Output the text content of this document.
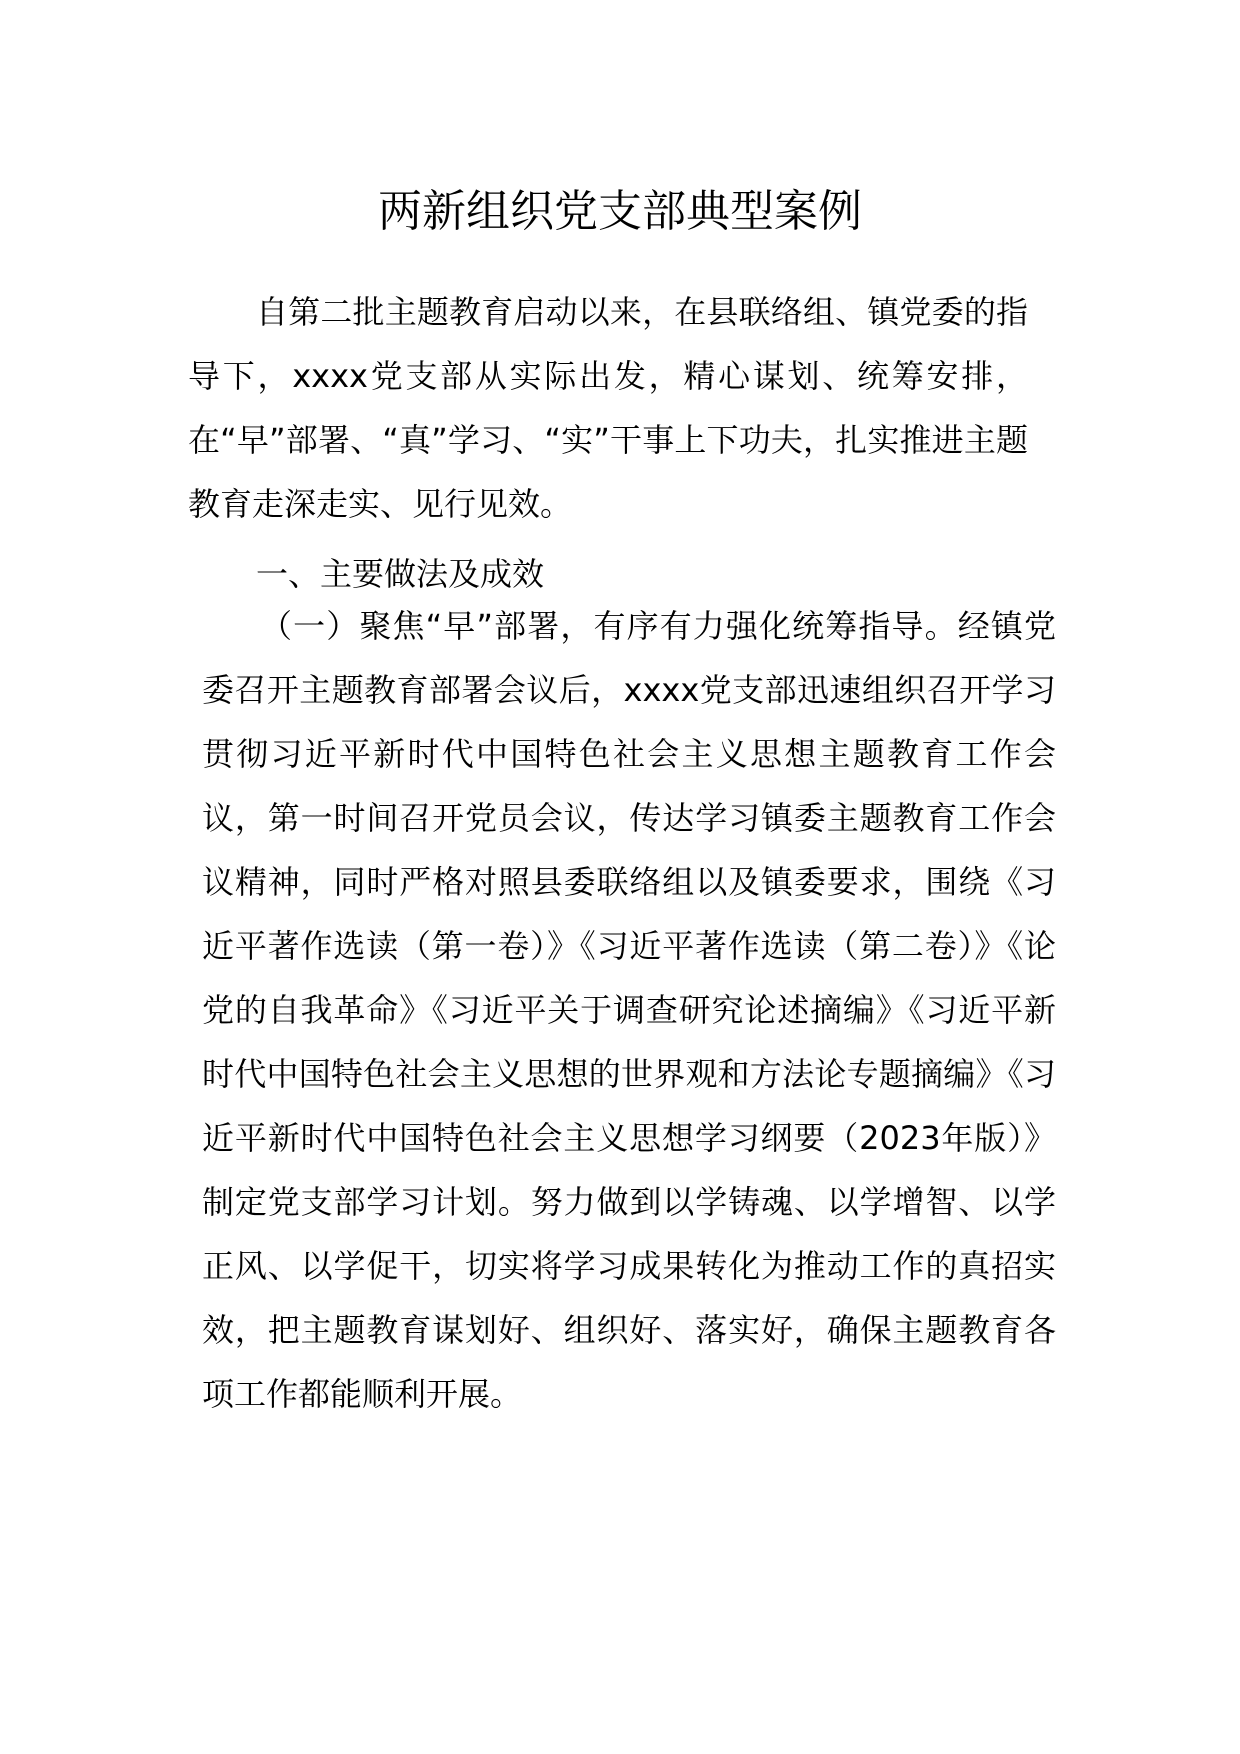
两新组织党支部典型案例

自第二批主题教育启动以来，在县联络组、镇党委的指导下，xxxx党支部从实际出发，精心谋划、统筹安排，在“早”部署、“真”学习、“实”干事上下功夫，扎实推进主题教育走深走实、见行见效。

一、主要做法及成效

（一）聚焦“早”部署，有序有力强化统筹指导。经镇党委召开主题教育部署会议后，xxxx党支部迅速组织召开学习贯彻习近平新时代中国特色社会主义思想主题教育工作会议，第一时间召开党员会议，传达学习镇委主题教育工作会议精神，同时严格对照县委联络组以及镇委要求，围绕《习近平著作选读（第一卷）》《习近平著作选读（第二卷）》《论党的自我革命》《习近平关于调查研究论述摘编》《习近平新时代中国特色社会主义思想的世界观和方法论专题摘编》《习近平新时代中国特色社会主义思想学习纲要（2023年版）》制定党支部学习计划。努力做到以学铸魂、以学增智、以学正风、以学促干，切实将学习成果转化为推动工作的真招实效，把主题教育谋划好、组织好、落实好，确保主题教育各项工作都能顺利开展。
